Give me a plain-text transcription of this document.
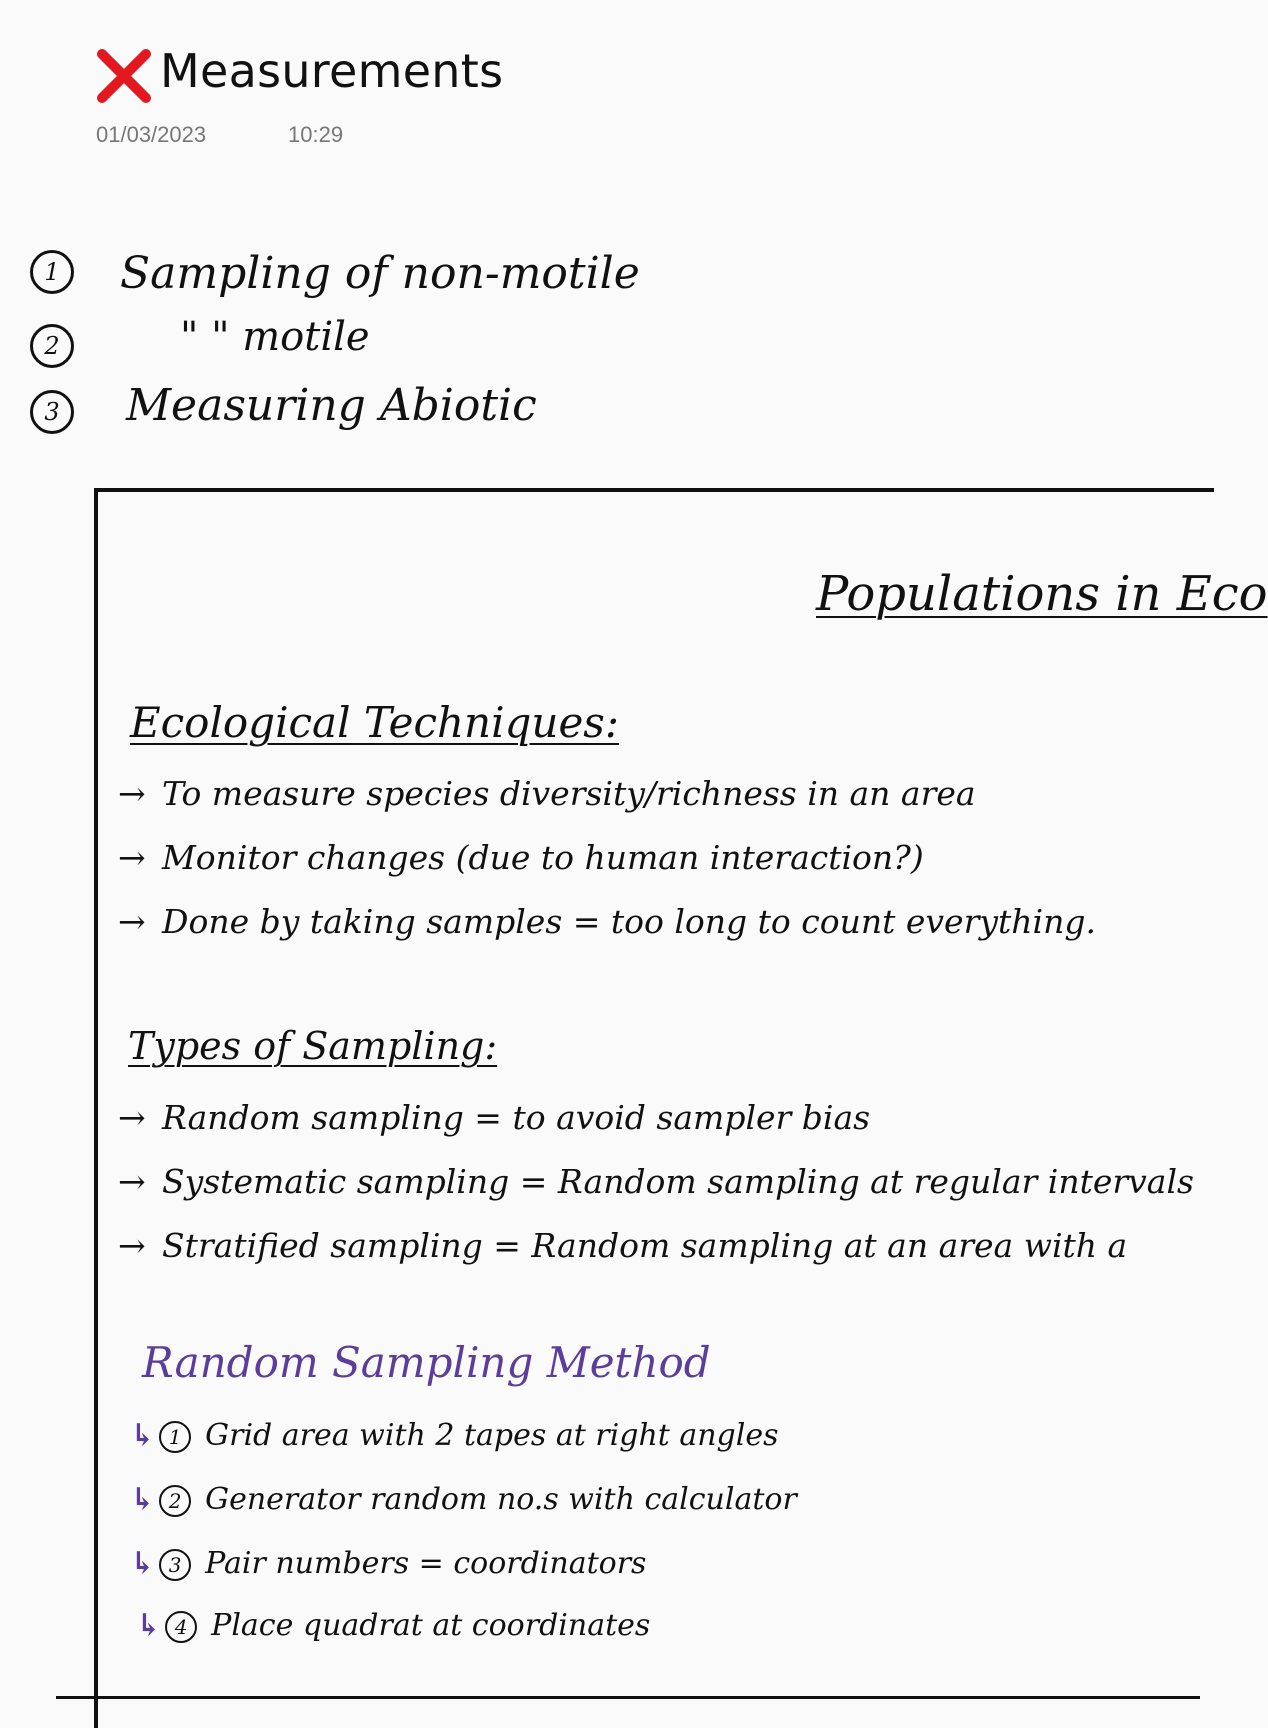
Measurements
01/03/2023	10:29
1	Sampling of non-motile
2	" " motile
3	Measuring Abiotic
Populations in Eco
Ecological Techniques:
→ To measure species diversity/richness in an area
→ Monitor changes (due to human interaction?)
→ Done by taking samples = too long to count everything.
Types of Sampling:
→ Random sampling = to avoid sampler bias
→ Systematic sampling = Random sampling at regular intervals
→ Stratified sampling = Random sampling at an area with a
Random Sampling Method
↳ 1 Grid area with 2 tapes at right angles
↳ 2 Generator random no.s with calculator
↳ 3 Pair numbers = coordinators
↳ 4 Place quadrat at coordinates
